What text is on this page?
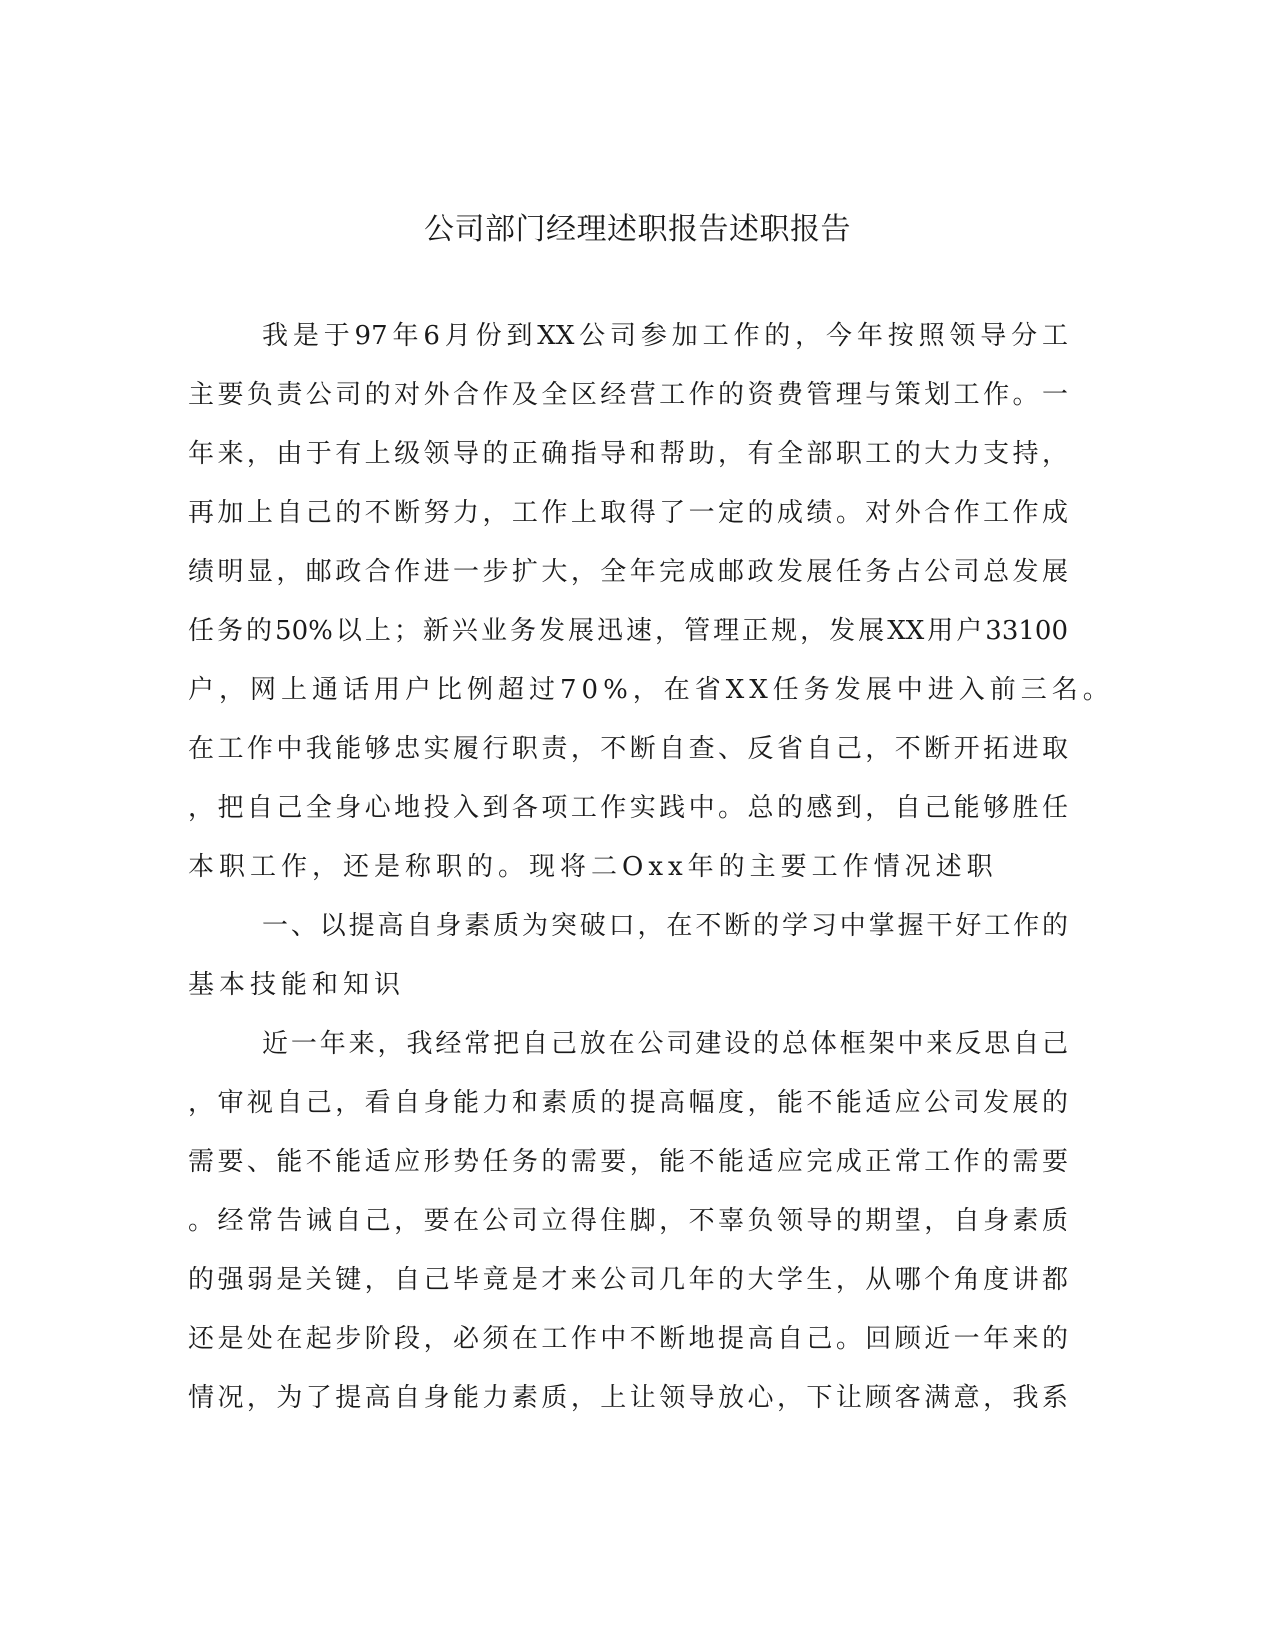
公司部门经理述职报告述职报告
我是于97年6月份到XX公司参加工作的，今年按照领导分工
主要负责公司的对外合作及全区经营工作的资费管理与策划工作。一
年来，由于有上级领导的正确指导和帮助，有全部职工的大力支持，
再加上自己的不断努力，工作上取得了一定的成绩。对外合作工作成
绩明显，邮政合作进一步扩大，全年完成邮政发展任务占公司总发展
任务的50%以上；新兴业务发展迅速，管理正规，发展XX用户33100
户，网上通话用户比例超过70%，在省XX任务发展中进入前三名。
在工作中我能够忠实履行职责，不断自查、反省自己，不断开拓进取
，把自己全身心地投入到各项工作实践中。总的感到，自己能够胜任
本职工作，还是称职的。现将二Oxx年的主要工作情况述职
一、以提高自身素质为突破口，在不断的学习中掌握干好工作的
基本技能和知识
近一年来，我经常把自己放在公司建设的总体框架中来反思自己
，审视自己，看自身能力和素质的提高幅度，能不能适应公司发展的
需要、能不能适应形势任务的需要，能不能适应完成正常工作的需要
。经常告诫自己，要在公司立得住脚，不辜负领导的期望，自身素质
的强弱是关键，自己毕竟是才来公司几年的大学生，从哪个角度讲都
还是处在起步阶段，必须在工作中不断地提高自己。回顾近一年来的
情况，为了提高自身能力素质，上让领导放心，下让顾客满意，我系
